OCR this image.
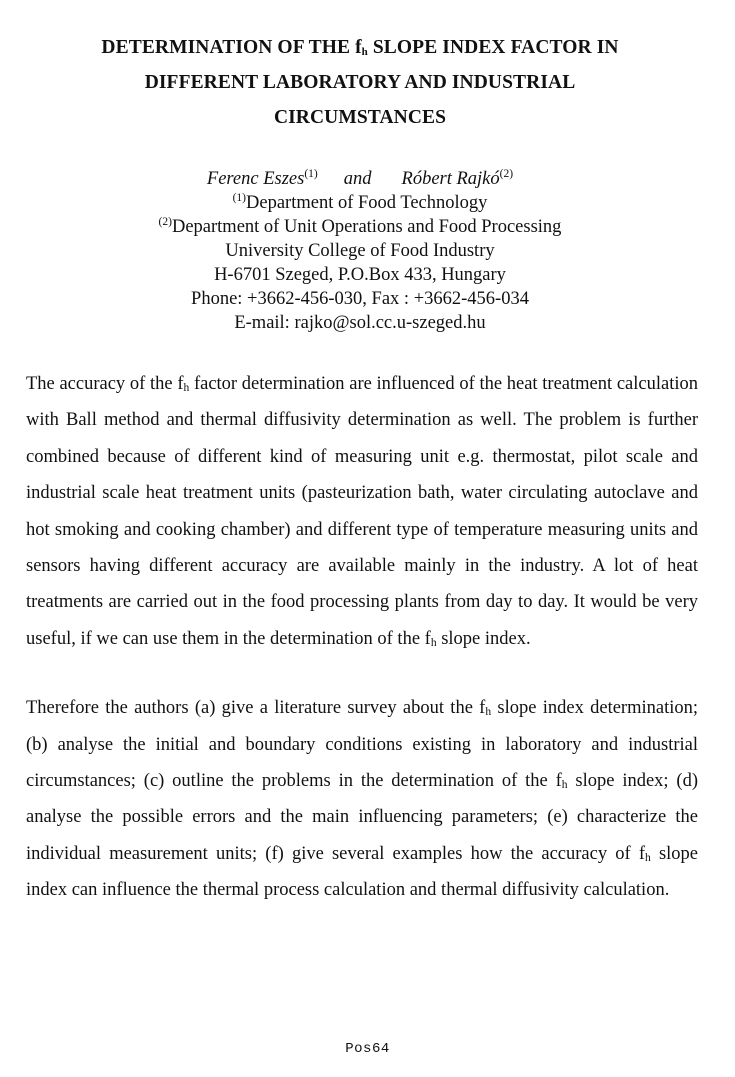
DETERMINATION OF THE $f_h$ SLOPE INDEX FACTOR IN
DIFFERENT LABORATORY AND INDUSTRIAL
CIRCUMSTANCES
Ferenc Eszes$^{(1)}$ and Róbert Rajkó$^{(2)}$
$^{(1)}$Department of Food Technology
$^{(2)}$Department of Unit Operations and Food Processing
University College of Food Industry
H-6701 Szeged, P.O.Box 433, Hungary
Phone: +3662-456-030, Fax : +3662-456-034
E-mail: rajko@sol.cc.u-szeged.hu

The accuracy of the $f_h$ factor determination are influenced of the heat treatment calculation with Ball method and thermal diffusivity determination as well. The problem is further combined because of different kind of measuring unit e.g. thermostat, pilot scale and industrial scale heat treatment units (pasteurization bath, water circulating autoclave and hot smoking and cooking chamber) and different type of temperature measuring units and sensors having different accuracy are available mainly in the industry. A lot of heat treatments are carried out in the food processing plants from day to day. It would be very useful, if we can use them in the determination of the $f_h$ slope index.

Therefore the authors (a) give a literature survey about the $f_h$ slope index determination; (b) analyse the initial and boundary conditions existing in laboratory and industrial circumstances; (c) outline the problems in the determination of the $f_h$ slope index; (d) analyse the possible errors and the main influencing parameters; (e) characterize the individual measurement units; (f) give several examples how the accuracy of $f_h$ slope index can influence the thermal process calculation and thermal diffusivity calculation.

Pos64
